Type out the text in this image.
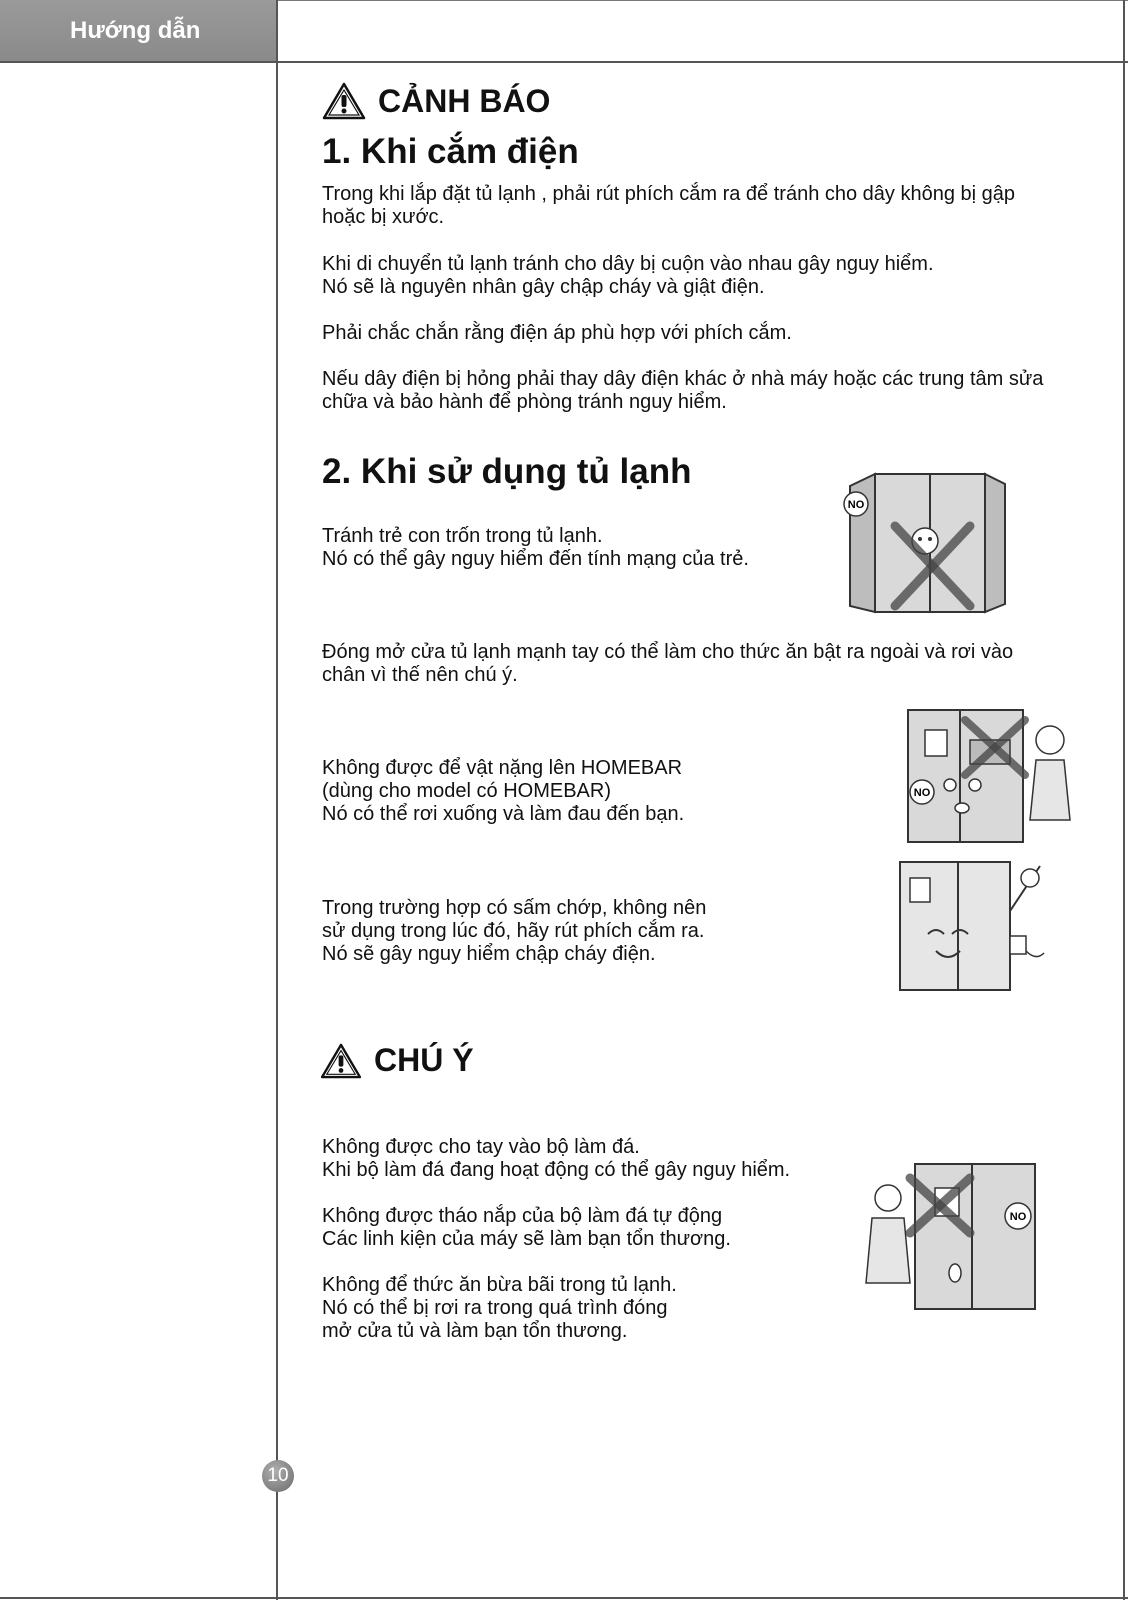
Hướng dẫn
CẢNH BÁO
1. Khi cắm điện
Trong khi lắp đặt tủ lạnh , phải rút phích cắm ra để tránh cho dây không bị gập
hoặc bị xước.
Khi di chuyển tủ lạnh tránh cho dây bị cuộn vào nhau gây nguy hiểm.
Nó sẽ là nguyên nhân gây chập cháy và giật điện.
Phải chắc chắn rằng điện áp phù hợp với phích cắm.
Nếu dây điện bị hỏng phải thay dây điện khác ở nhà máy hoặc các trung tâm sửa
chữa và bảo hành để phòng tránh nguy hiểm.
2. Khi sử dụng tủ lạnh
Tránh trẻ con trốn trong tủ lạnh.
Nó có thể gây nguy hiểm đến tính mạng của trẻ.
Đóng mở cửa tủ lạnh mạnh tay có thể làm cho thức ăn bật ra ngoài và rơi vào
chân vì thế nên chú ý.
Không được để vật nặng lên HOMEBAR
(dùng cho model có HOMEBAR)
Nó có thể rơi xuống và làm đau đến bạn.
Trong trường hợp có sấm chớp, không nên
sử dụng trong lúc đó, hãy rút phích cắm ra.
Nó sẽ gây nguy hiểm chập cháy điện.
NO
NO
CHÚ Ý
Không được cho tay vào bộ làm đá.
Khi bộ làm đá đang hoạt động có thể gây nguy hiểm.
Không được tháo nắp của bộ làm đá tự động
Các linh kiện của máy sẽ làm bạn tổn thương.
Không để thức ăn bừa bãi trong tủ lạnh.
Nó có thể bị rơi ra trong quá trình đóng
mở cửa tủ và làm bạn tổn thương.
NO
10
